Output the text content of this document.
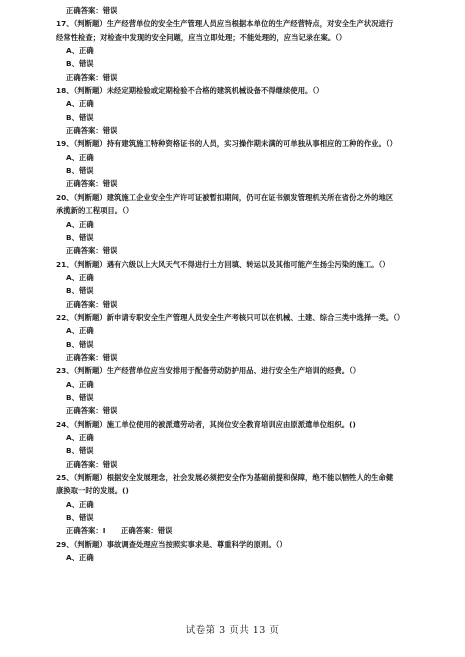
正确答案：错误
17、（判断题）生产经营单位的安全生产管理人员应当根据本单位的生产经营特点，对安全生产状况进行
经常性检查；对检查中发现的安全问题，应当立即处理；不能处理的，应当记录在案。（）
A、正确
B、错误
正确答案：错误
18、（判断题）未经定期检验或定期检验不合格的建筑机械设备不得继续使用。（）
A、正确
B、错误
正确答案：错误
19、（判断题）持有建筑施工特种资格证书的人员，实习操作期未满的可单独从事相应的工种的作业。（）
A、正确
B、错误
正确答案：错误
20、（判断题）建筑施工企业安全生产许可证被暂扣期间，仍可在证书颁发管理机关所在省份之外的地区
承揽新的工程项目。（）
A、正确
B、错误
正确答案：错误
21、（判断题）遇有六级以上大风天气不得进行土方回填、转运以及其他可能产生扬尘污染的施工。（）
A、正确
B、错误
正确答案：错误
22、（判断题）新申请专职安全生产管理人员安全生产考核只可以在机械、土建、综合三类中选择一类。（）
A、正确
B、错误
正确答案：错误
23、（判断题）生产经营单位应当安排用于配备劳动防护用品、进行安全生产培训的经费。（）
A、正确
B、错误
正确答案：错误
24、（判断题）施工单位使用的被派遣劳动者，其岗位安全教育培训应由原派遣单位组织。()
A、正确
B、错误
正确答案：错误
25、（判断题）根据安全发展理念，社会发展必须把安全作为基础前提和保障，绝不能以牺牲人的生命健
康换取一时的发展。()
A、正确
B、错误
正确答案：I      正确答案：错误
29、（判断题）事故调查处理应当按照实事求是、尊重科学的原则。（）
A、正确
试卷第 3 页共 13 页
